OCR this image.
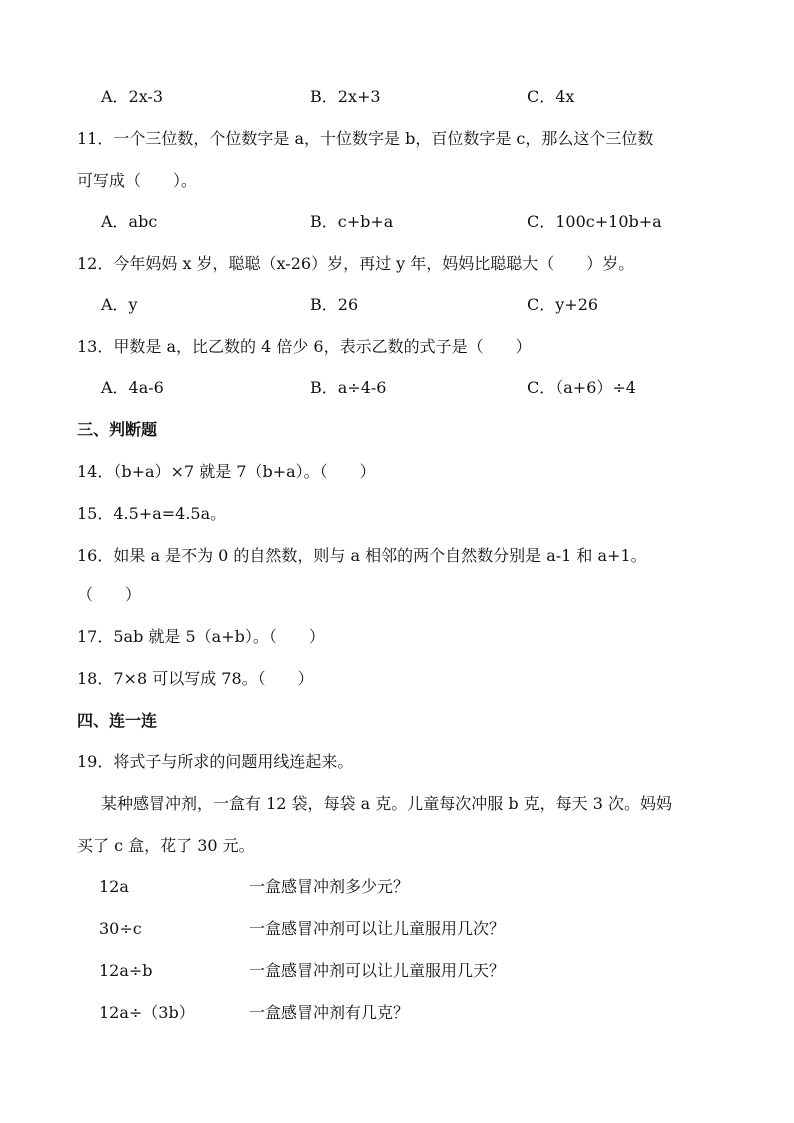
A．2x-3	B．2x+3	C．4x
11．一个三位数，个位数字是 a，十位数字是 b，百位数字是 c，那么这个三位数
可写成（　　）。
A．abc	B．c+b+a	C．100c+10b+a
12．今年妈妈 x 岁，聪聪（x-26）岁，再过 y 年，妈妈比聪聪大（　　）岁。
A．y	B．26	C．y+26
13．甲数是 a，比乙数的 4 倍少 6，表示乙数的式子是（　　）
A．4a-6	B．a÷4-6	C．（a+6）÷4
三、判断题
14．（b+a）×7 就是 7（b+a）。（　　）
15．4.5+a=4.5a。
16．如果 a 是不为 0 的自然数，则与 a 相邻的两个自然数分别是 a-1 和 a+1。
（　　）
17．5ab 就是 5（a+b）。（　　）
18．7×8 可以写成 78。（　　）
四、连一连
19．将式子与所求的问题用线连起来。
某种感冒冲剂，一盒有 12 袋，每袋 a 克。儿童每次冲服 b 克，每天 3 次。妈妈
买了 c 盒，花了 30 元。
12a	一盒感冒冲剂多少元？
30÷c	一盒感冒冲剂可以让儿童服用几次？
12a÷b	一盒感冒冲剂可以让儿童服用几天？
12a÷（3b）	一盒感冒冲剂有几克？
